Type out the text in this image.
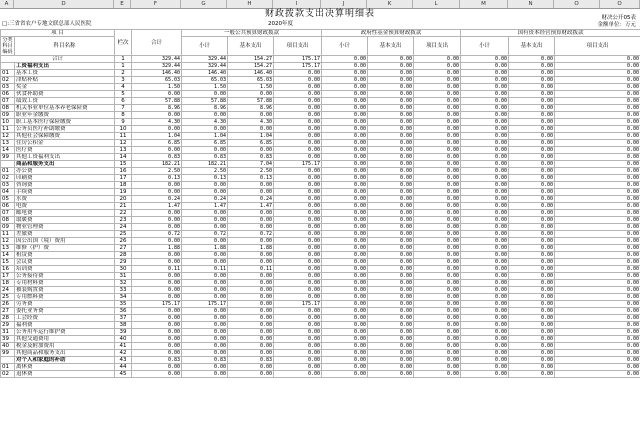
A	D	E	F	G	H	I	J	K	L	M	N	O	O
财政拨款支出决算明细表
□:三省省农户专地文联总部人民医院	2020年度
财决公开05表
金额单位：万元
项 目		栏次	合计	一般公共预算财政拨款			政府性基金预算财政拨款			国有资本经营预算财政拨款		
分类科目编码	科目名称			小计	基本支出	项目支出	小计	基本支出	项目支出	小计	基本支出	项目支出

合计		1	329.44	329.44	154.27	175.17	0.00	0.00	0.00	0.00	0.00	0.00
	工资福利支出	1	329.44	329.44	154.27	175.17	0.00	0.00	0.00	0.00	0.00	0.00
01	基本工资	2	146.40	146.40	146.40	0.00	0.00	0.00	0.00	0.00	0.00	0.00
02	津贴补贴	3	65.03	65.03	65.03	0.00	0.00	0.00	0.00	0.00	0.00	0.00
03	奖金	4	1.50	1.50	1.50	0.00	0.00	0.00	0.00	0.00	0.00	0.00
06	伙食补助费	5	0.00	0.00	0.00	0.00	0.00	0.00	0.00	0.00	0.00	0.00
07	绩效工资	6	57.88	57.88	57.88	0.00	0.00	0.00	0.00	0.00	0.00	0.00
08	机关事业单位基本养老保险费	7	8.96	8.96	8.96	0.00	0.00	0.00	0.00	0.00	0.00	0.00
09	职业年金缴费	8	0.00	0.00	0.00	0.00	0.00	0.00	0.00	0.00	0.00	0.00
10	职工基本医疗保险缴费	9	4.30	4.30	4.30	0.00	0.00	0.00	0.00	0.00	0.00	0.00
11	公务员医疗补助缴费	10	0.00	0.00	0.00	0.00	0.00	0.00	0.00	0.00	0.00	0.00
12	其他社会保障缴费	11	1.04	1.04	1.04	0.00	0.00	0.00	0.00	0.00	0.00	0.00
13	住房公积金	12	6.85	6.85	6.85	0.00	0.00	0.00	0.00	0.00	0.00	0.00
14	医疗费	13	0.00	0.00	0.00	0.00	0.00	0.00	0.00	0.00	0.00	0.00
99	其他工资福利支出	14	0.83	0.83	0.83	0.00	0.00	0.00	0.00	0.00	0.00	0.00
	商品和服务支出	15	182.21	182.21	7.04	175.17	0.00	0.00	0.00	0.00	0.00	0.00
01	办公费	16	2.50	2.50	2.50	0.00	0.00	0.00	0.00	0.00	0.00	0.00
02	印刷费	17	0.13	0.13	0.13	0.00	0.00	0.00	0.00	0.00	0.00	0.00
03	咨询费	18	0.00	0.00	0.00	0.00	0.00	0.00	0.00	0.00	0.00	0.00
04	手续费	19	0.00	0.00	0.00	0.00	0.00	0.00	0.00	0.00	0.00	0.00
05	水费	20	0.24	0.24	0.24	0.00	0.00	0.00	0.00	0.00	0.00	0.00
06	电费	21	1.47	1.47	1.47	0.00	0.00	0.00	0.00	0.00	0.00	0.00
07	邮电费	22	0.00	0.00	0.00	0.00	0.00	0.00	0.00	0.00	0.00	0.00
08	取暖费	23	0.00	0.00	0.00	0.00	0.00	0.00	0.00	0.00	0.00	0.00
09	物业管理费	24	0.00	0.00	0.00	0.00	0.00	0.00	0.00	0.00	0.00	0.00
11	差旅费	25	0.72	0.72	0.72	0.00	0.00	0.00	0.00	0.00	0.00	0.00
12	因公出国（境）费用	26	0.00	0.00	0.00	0.00	0.00	0.00	0.00	0.00	0.00	0.00
13	维修（护）费	27	1.88	1.88	1.88	0.00	0.00	0.00	0.00	0.00	0.00	0.00
14	租赁费	28	0.00	0.00	0.00	0.00	0.00	0.00	0.00	0.00	0.00	0.00
15	会议费	29	0.00	0.00	0.00	0.00	0.00	0.00	0.00	0.00	0.00	0.00
16	培训费	30	0.11	0.11	0.11	0.00	0.00	0.00	0.00	0.00	0.00	0.00
17	公务接待费	31	0.00	0.00	0.00	0.00	0.00	0.00	0.00	0.00	0.00	0.00
18	专用材料费	32	0.00	0.00	0.00	0.00	0.00	0.00	0.00	0.00	0.00	0.00
24	被装购置费	33	0.00	0.00	0.00	0.00	0.00	0.00	0.00	0.00	0.00	0.00
25	专用燃料费	34	0.00	0.00	0.00	0.00	0.00	0.00	0.00	0.00	0.00	0.00
26	劳务费	35	175.17	175.17	0.00	175.17	0.00	0.00	0.00	0.00	0.00	0.00
27	委托业务费	36	0.00	0.00	0.00	0.00	0.00	0.00	0.00	0.00	0.00	0.00
28	工会经费	37	0.00	0.00	0.00	0.00	0.00	0.00	0.00	0.00	0.00	0.00
29	福利费	38	0.00	0.00	0.00	0.00	0.00	0.00	0.00	0.00	0.00	0.00
31	公务用车运行维护费	39	0.00	0.00	0.00	0.00	0.00	0.00	0.00	0.00	0.00	0.00
39	其他交通费用	40	0.00	0.00	0.00	0.00	0.00	0.00	0.00	0.00	0.00	0.00
40	税金及附加费用	41	0.00	0.00	0.00	0.00	0.00	0.00	0.00	0.00	0.00	0.00
99	其他商品和服务支出	42	0.00	0.00	0.00	0.00	0.00	0.00	0.00	0.00	0.00	0.00
	对个人和家庭的补助	43	0.83	0.83	0.83	0.00	0.00	0.00	0.00	0.00	0.00	0.00
01	离休费	44	0.00	0.00	0.00	0.00	0.00	0.00	0.00	0.00	0.00	0.00
02	退休费	45	0.00	0.00	0.00	0.00	0.00	0.00	0.00	0.00	0.00	0.00
